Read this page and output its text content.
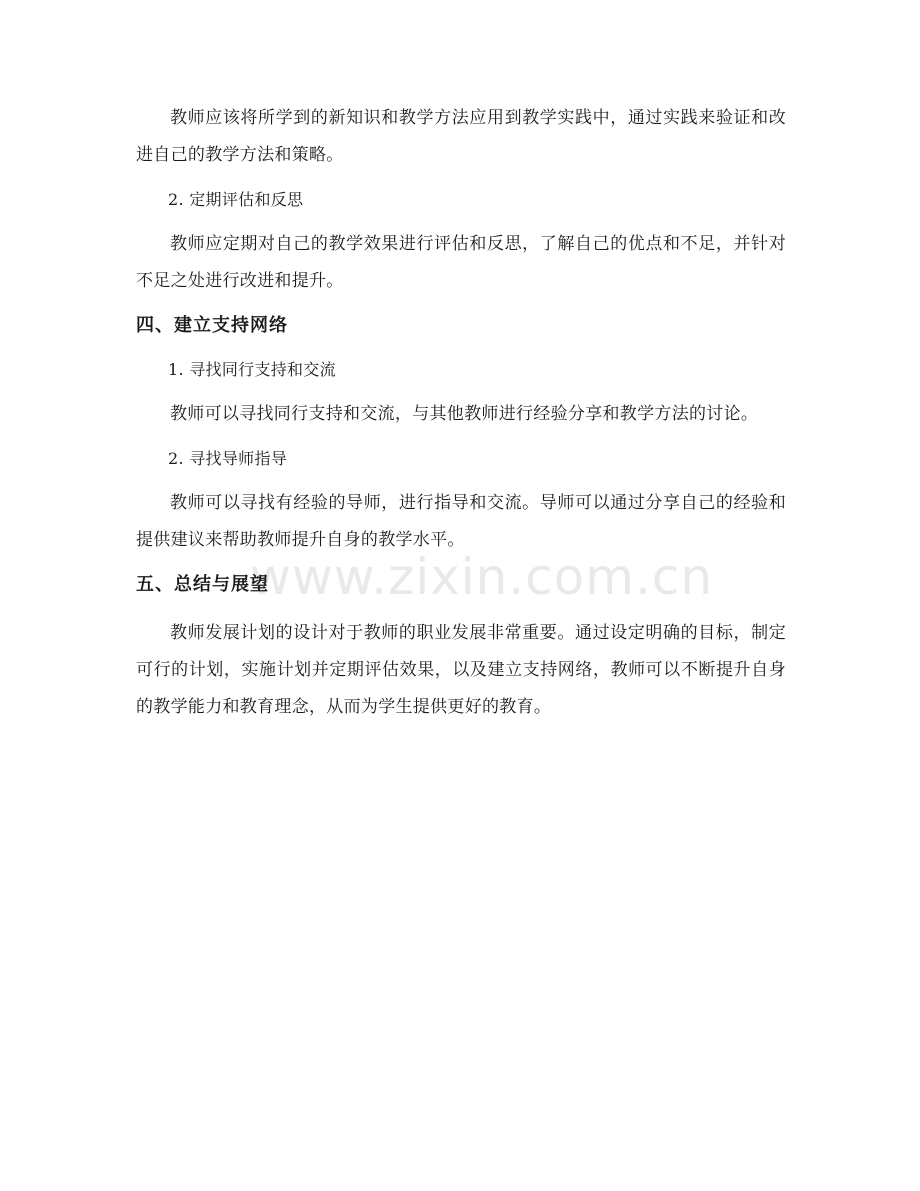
www.zixin.com.cn

教师应该将所学到的新知识和教学方法应用到教学实践中，通过实践来验证和改进自己的教学方法和策略。

2. 定期评估和反思

教师应定期对自己的教学效果进行评估和反思，了解自己的优点和不足，并针对不足之处进行改进和提升。

四、建立支持网络

1. 寻找同行支持和交流

教师可以寻找同行支持和交流，与其他教师进行经验分享和教学方法的讨论。

2. 寻找导师指导

教师可以寻找有经验的导师，进行指导和交流。导师可以通过分享自己的经验和提供建议来帮助教师提升自身的教学水平。

五、总结与展望

教师发展计划的设计对于教师的职业发展非常重要。通过设定明确的目标，制定可行的计划，实施计划并定期评估效果，以及建立支持网络，教师可以不断提升自身的教学能力和教育理念，从而为学生提供更好的教育。
